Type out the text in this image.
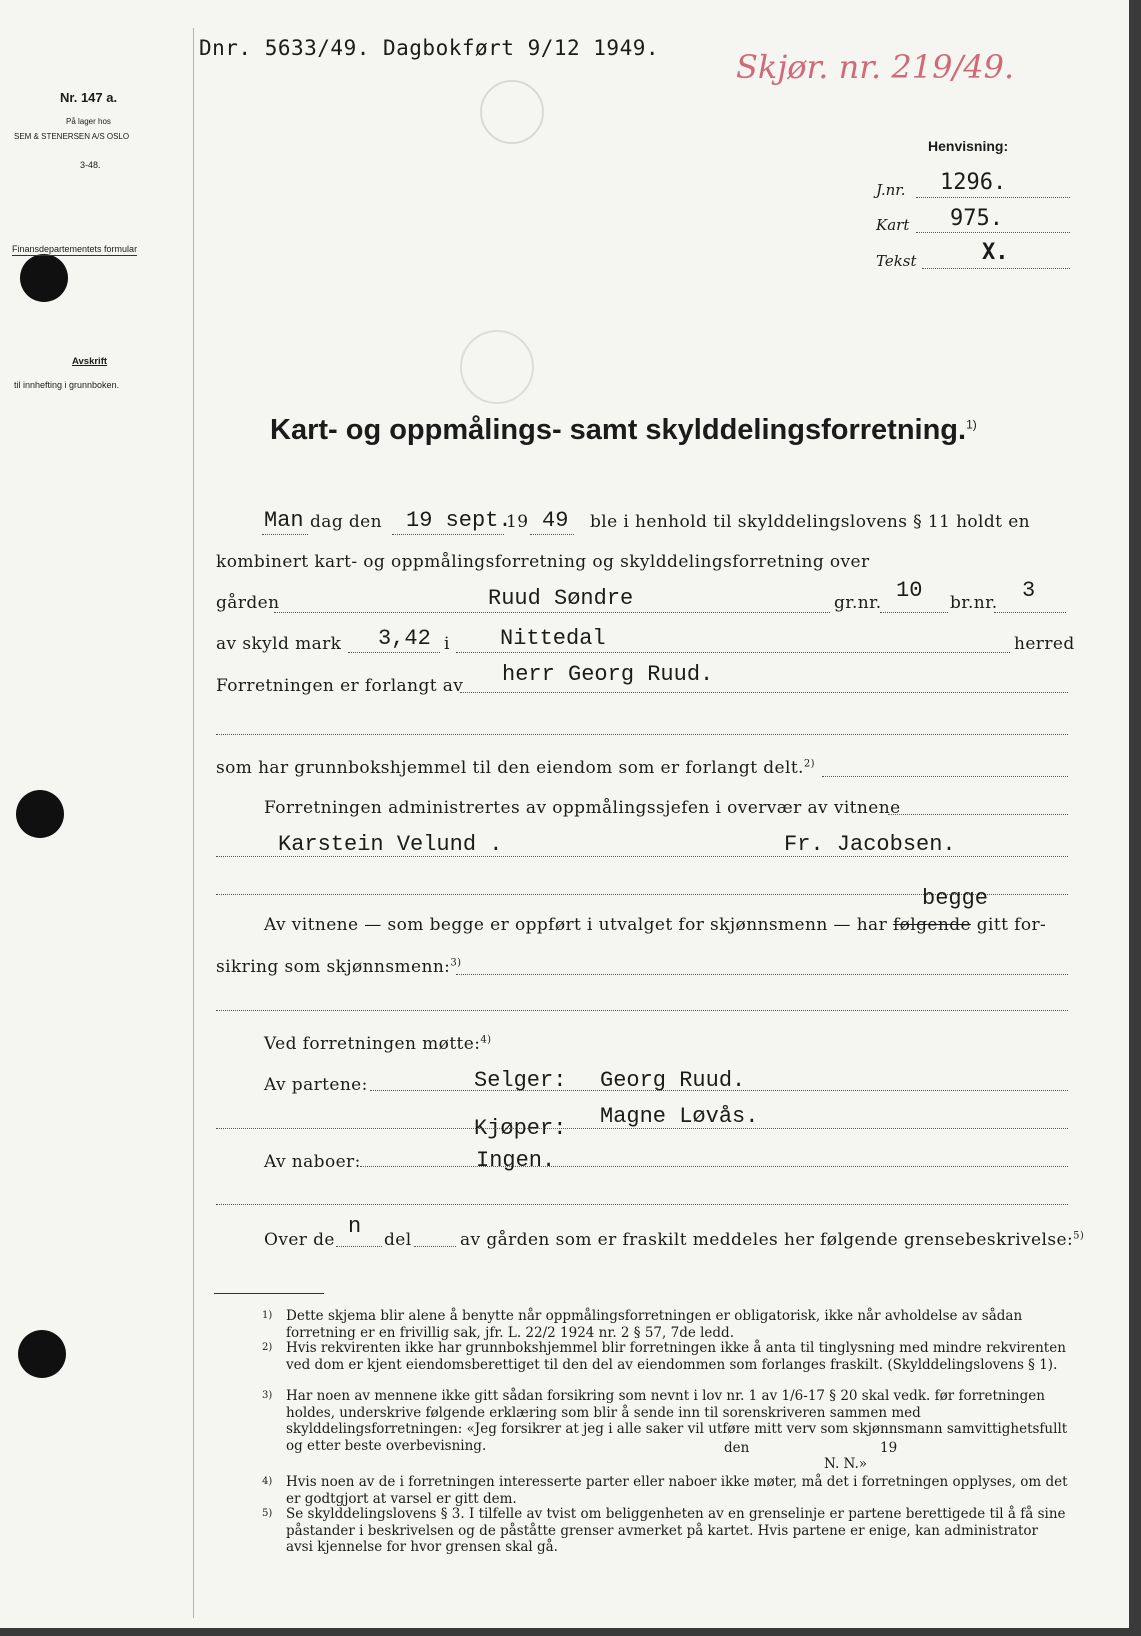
Nr. 147 a.
På lager hos
SEM & STENERSEN A/S OSLO
3-48.
Finansdepartementets formular
Avskrift
til innhefting i grunnboken.
Dnr. 5633/49. Dagbokført 9/12 1949. Skjør. nr. 219/49.
Henvisning:
J.nr. 1296.
Kart 975.
Tekst	X.
Kart- og oppmålings- samt skylddelingsforretning.$^{1)}$
Man dag den 19 sept.
19 49 ble i henhold til skylddelingslovens § 11 holdt en
kombinert kart- og oppmålingsforretning og skylddelingsforretning over
gården	Ruud Søndre	gr.nr. 10 br.nr. 3
av skyld mark 3,42 i Nittedal	herred
Forretningen er forlangt av herr Georg Ruud.
som har grunnbokshjemmel til den eiendom som er forlangt delt.$^{2)}$
Forretningen administrertes av oppmålingssjefen i overvær av vitnene
Karstein Velund .	Fr. Jacobsen.
begge
Av vitnene — som begge er oppført i utvalget for skjønnsmenn — har følgende gitt for-
sikring som skjønnsmenn:$^{3)}$
Ved forretningen møtte:$^{4)}$
Av partene:	Selger: Georg Ruud.
Kjøper: Magne Løvås.
Av naboer:	Ingen.
Over de
n
del	av gården som er fraskilt meddeles her følgende grensebeskrivelse:$^{5)}$
1) Dette skjema blir alene å benytte når oppmålingsforretningen er obligatorisk, ikke når avholdelse av sådan forretning er en frivillig sak, jfr. L. 22/2 1924 nr. 2 § 57, 7de ledd.
2) Hvis rekvirenten ikke har grunnbokshjemmel blir forretningen ikke å anta til tinglysning med mindre rekvirenten ved dom er kjent eiendomsberettiget til den del av eiendommen som forlanges fraskilt. (Skylddelingslovens § 1).
3) Har noen av mennene ikke gitt sådan forsikring som nevnt i lov nr. 1 av 1/6-17 § 20 skal vedk. før forretningen holdes, underskrive følgende erklæring som blir å sende inn til sorenskriveren sammen med skylddelingsforretningen: «Jeg forsikrer at jeg i alle saker vil utføre mitt verv som skjønnsmann samvittighetsfullt og etter beste overbevisning.	den	19
N. N.»
4) Hvis noen av de i forretningen interesserte parter eller naboer ikke møter, må det i forretningen opplyses, om det er godtgjort at varsel er gitt dem.
5) Se skylddelingslovens § 3. I tilfelle av tvist om beliggenheten av en grenselinje er partene berettigede til å få sine påstander i beskrivelsen og de påståtte grenser avmerket på kartet. Hvis partene er enige, kan administrator avsi kjennelse for hvor grensen skal gå.
